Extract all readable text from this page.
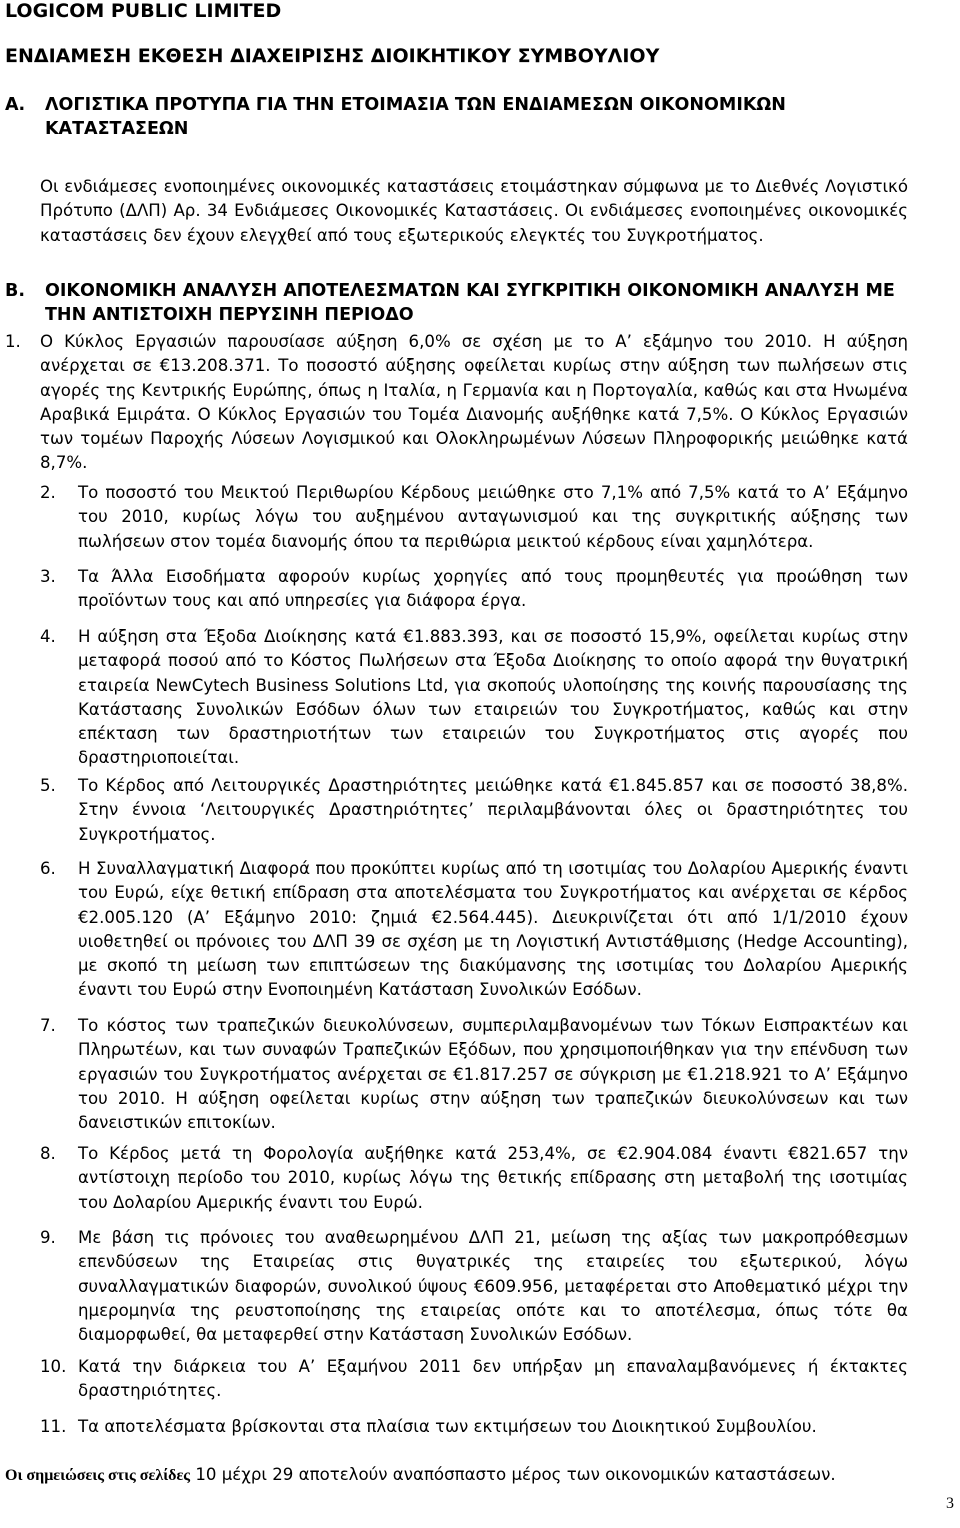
LOGICOM PUBLIC LIMITED
ΕΝΔΙΑΜΕΣΗ ΕΚΘΕΣΗ ΔΙΑΧΕΙΡΙΣΗΣ ΔΙΟΙΚΗΤΙΚΟΥ ΣΥΜΒΟΥΛΙΟΥ
Α. ΛΟΓΙΣΤΙΚΑ ΠΡΟΤΥΠΑ ΓΙΑ ΤΗΝ ΕΤΟΙΜΑΣΙΑ ΤΩΝ ΕΝΔΙΑΜΕΣΩΝ ΟΙΚΟΝΟΜΙΚΩΝ ΚΑΤΑΣΤΑΣΕΩΝ
Οι ενδιάμεσες ενοποιημένες οικονομικές καταστάσεις ετοιμάστηκαν σύμφωνα με το Διεθνές Λογιστικό Πρότυπο (ΔΛΠ) Αρ. 34 Ενδιάμεσες Οικονομικές Καταστάσεις. Οι ενδιάμεσες ενοποιημένες οικονομικές καταστάσεις δεν έχουν ελεγχθεί από τους εξωτερικούς ελεγκτές του Συγκροτήματος.
Β. ΟΙΚΟΝΟΜΙΚΗ ΑΝΑΛΥΣΗ ΑΠΟΤΕΛΕΣΜΑΤΩΝ ΚΑΙ ΣΥΓΚΡΙΤΙΚΗ ΟΙΚΟΝΟΜΙΚΗ ΑΝΑΛΥΣΗ ΜΕ ΤΗΝ ΑΝΤΙΣΤΟΙΧΗ ΠΕΡΥΣΙΝΗ ΠΕΡΙΟΔΟ
1. Ο Κύκλος Εργασιών παρουσίασε αύξηση 6,0% σε σχέση με το Α’ εξάμηνο του 2010. Η αύξηση ανέρχεται σε €13.208.371. Το ποσοστό αύξησης οφείλεται κυρίως στην αύξηση των πωλήσεων στις αγορές της Κεντρικής Ευρώπης, όπως η Ιταλία, η Γερμανία και η Πορτογαλία, καθώς και στα Ηνωμένα Αραβικά Εμιράτα. Ο Κύκλος Εργασιών του Τομέα Διανομής αυξήθηκε κατά 7,5%. Ο Κύκλος Εργασιών των τομέων Παροχής Λύσεων Λογισμικού και Ολοκληρωμένων Λύσεων Πληροφορικής μειώθηκε κατά 8,7%.
2. Το ποσοστό του Μεικτού Περιθωρίου Κέρδους μειώθηκε στο 7,1% από 7,5% κατά το Α’ Εξάμηνο του 2010, κυρίως λόγω του αυξημένου ανταγωνισμού και της συγκριτικής αύξησης των πωλήσεων στον τομέα διανομής όπου τα περιθώρια μεικτού κέρδους είναι χαμηλότερα.
3. Τα Άλλα Εισοδήματα αφορούν κυρίως χορηγίες από τους προμηθευτές για προώθηση των προϊόντων τους και από υπηρεσίες για διάφορα έργα.
4. Η αύξηση στα Έξοδα Διοίκησης κατά €1.883.393, και σε ποσοστό 15,9%, οφείλεται κυρίως στην μεταφορά ποσού από το Κόστος Πωλήσεων στα Έξοδα Διοίκησης το οποίο αφορά την θυγατρική εταιρεία NewCytech Business Solutions Ltd, για σκοπούς υλοποίησης της κοινής παρουσίασης της Κατάστασης Συνολικών Εσόδων όλων των εταιρειών του Συγκροτήματος, καθώς και στην επέκταση των δραστηριοτήτων των εταιρειών του Συγκροτήματος στις αγορές που δραστηριοποιείται.
5. Το Κέρδος από Λειτουργικές Δραστηριότητες μειώθηκε κατά €1.845.857 και σε ποσοστό 38,8%. Στην έννοια ‘Λειτουργικές Δραστηριότητες’ περιλαμβάνονται όλες οι δραστηριότητες του Συγκροτήματος.
6. Η Συναλλαγματική Διαφορά που προκύπτει κυρίως από τη ισοτιμίας του Δολαρίου Αμερικής έναντι του Ευρώ, είχε θετική επίδραση στα αποτελέσματα του Συγκροτήματος και ανέρχεται σε κέρδος €2.005.120 (Α’ Εξάμηνο 2010: ζημιά €2.564.445). Διευκρινίζεται ότι από 1/1/2010 έχουν υιοθετηθεί οι πρόνοιες του ΔΛΠ 39 σε σχέση με τη Λογιστική Αντιστάθμισης (Hedge Accounting), με σκοπό τη μείωση των επιπτώσεων της διακύμανσης της ισοτιμίας του Δολαρίου Αμερικής έναντι του Ευρώ στην Ενοποιημένη Κατάσταση Συνολικών Εσόδων.
7. Το κόστος των τραπεζικών διευκολύνσεων, συμπεριλαμβανομένων των Τόκων Εισπρακτέων και Πληρωτέων, και των συναφών Τραπεζικών Εξόδων, που χρησιμοποιήθηκαν για την επένδυση των εργασιών του Συγκροτήματος ανέρχεται σε €1.817.257 σε σύγκριση με €1.218.921 το Α’ Εξάμηνο του 2010. Η αύξηση οφείλεται κυρίως στην αύξηση των τραπεζικών διευκολύνσεων και των δανειστικών επιτοκίων.
8. Το Κέρδος μετά τη Φορολογία αυξήθηκε κατά 253,4%, σε €2.904.084 έναντι €821.657 την αντίστοιχη περίοδο του 2010, κυρίως λόγω της θετικής επίδρασης στη μεταβολή της ισοτιμίας του Δολαρίου Αμερικής έναντι του Ευρώ.
9. Με βάση τις πρόνοιες του αναθεωρημένου ΔΛΠ 21, μείωση της αξίας των μακροπρόθεσμων επενδύσεων της Εταιρείας στις θυγατρικές της εταιρείες του εξωτερικού, λόγω συναλλαγματικών διαφορών, συνολικού ύψους €609.956, μεταφέρεται στο Αποθεματικό μέχρι την ημερομηνία της ρευστοποίησης της εταιρείας οπότε και το αποτέλεσμα, όπως τότε θα διαμορφωθεί, θα μεταφερθεί στην Κατάσταση Συνολικών Εσόδων.
10. Κατά την διάρκεια του Α’ Εξαμήνου 2011 δεν υπήρξαν μη επαναλαμβανόμενες ή έκτακτες δραστηριότητες.
11. Τα αποτελέσματα βρίσκονται στα πλαίσια των εκτιμήσεων του Διοικητικού Συμβουλίου.
Οι σημειώσεις στις σελίδες 10 μέχρι 29 αποτελούν αναπόσπαστο μέρος των οικονομικών καταστάσεων.
3
